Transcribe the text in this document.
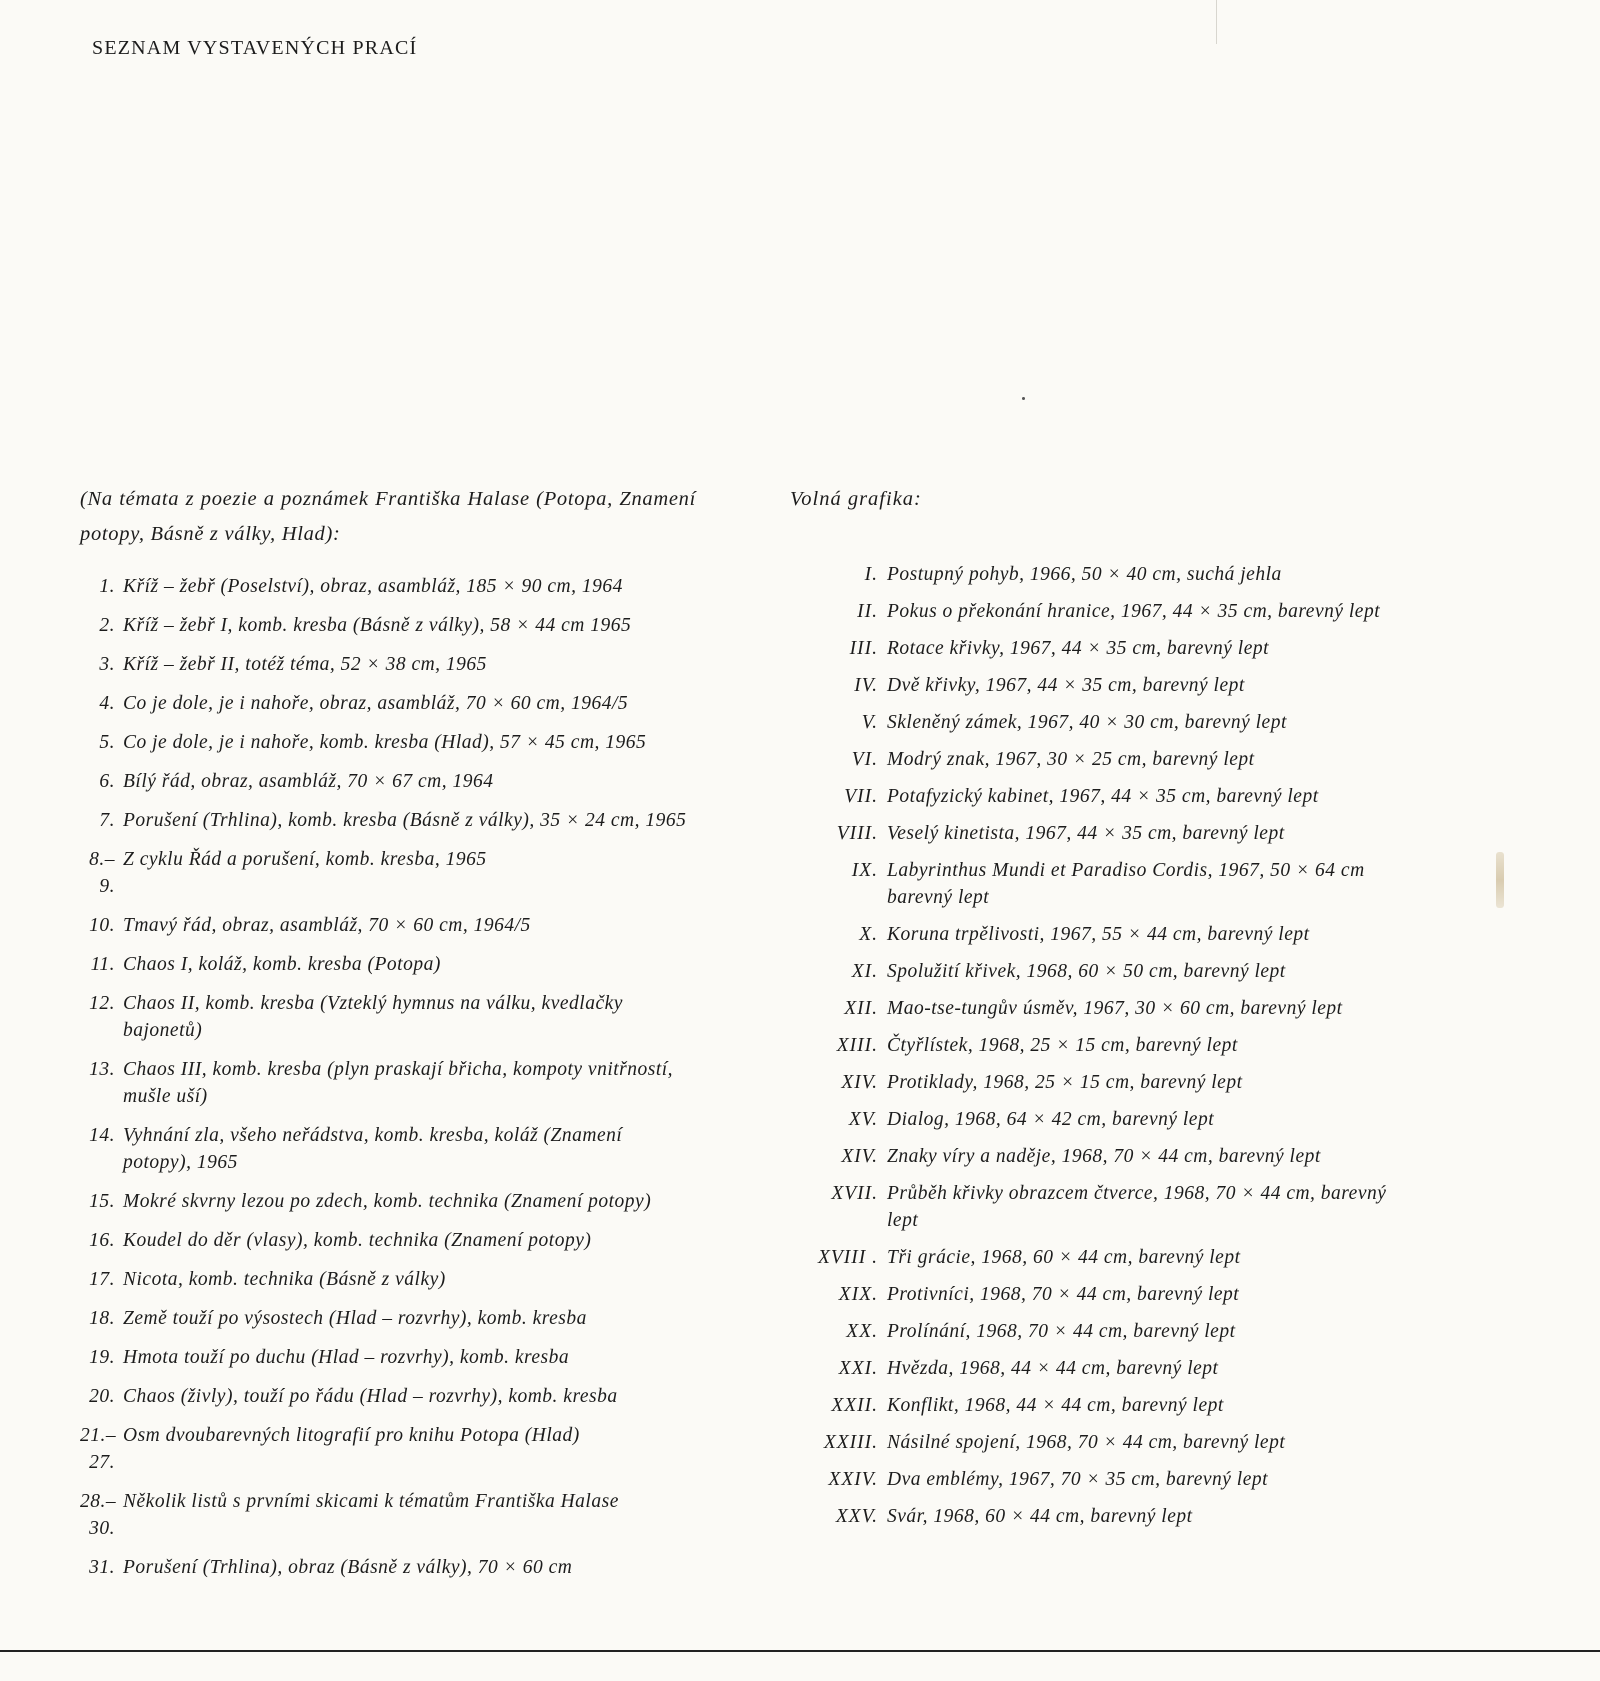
SEZNAM VYSTAVENÝCH PRACÍ

(Na témata z poezie a poznámek Františka Halase (Potopa, Znamení potopy, Básně z války, Hlad):

1. Kříž – žebř (Poselství), obraz, asambláž, 185 × 90 cm, 1964
2. Kříž – žebř I, komb. kresba (Básně z války), 58 × 44 cm 1965
3. Kříž – žebř II, totéž téma, 52 × 38 cm, 1965
4. Co je dole, je i nahoře, obraz, asambláž, 70 × 60 cm, 1964/5
5. Co je dole, je i nahoře, komb. kresba (Hlad), 57 × 45 cm, 1965
6. Bílý řád, obraz, asambláž, 70 × 67 cm, 1964
7. Porušení (Trhlina), komb. kresba (Básně z války), 35 × 24 cm, 1965
8.–9.
Z cyklu Řád a porušení, komb. kresba, 1965
10. Tmavý řád, obraz, asambláž, 70 × 60 cm, 1964/5
11. Chaos I, koláž, komb. kresba (Potopa)
12. Chaos II, komb. kresba (Vzteklý hymnus na válku, kvedlačky bajonetů)
13. Chaos III, komb. kresba (plyn praskají břicha, kompoty vnitřností, mušle uší)
14. Vyhnání zla, všeho neřádstva, komb. kresba, koláž (Znamení potopy), 1965
15. Mokré skvrny lezou po zdech, komb. technika (Znamení potopy)
16. Koudel do děr (vlasy), komb. technika (Znamení potopy)
17. Nicota, komb. technika (Básně z války)
18. Země touží po výsostech (Hlad – rozvrhy), komb. kresba
19. Hmota touží po duchu (Hlad – rozvrhy), komb. kresba
20. Chaos (živly), touží po řádu (Hlad – rozvrhy), komb. kresba
21.–27.
Osm dvoubarevných litografií pro knihu Potopa (Hlad)
28.–30.
Několik listů s prvními skicami k tématům Františka Halase
31. Porušení (Trhlina), obraz (Básně z války), 70 × 60 cm

Volná grafika:

I. Postupný pohyb, 1966, 50 × 40 cm, suchá jehla
II. Pokus o překonání hranice, 1967, 44 × 35 cm, barevný lept
III. Rotace křivky, 1967, 44 × 35 cm, barevný lept
IV. Dvě křivky, 1967, 44 × 35 cm, barevný lept
V. Skleněný zámek, 1967, 40 × 30 cm, barevný lept
VI. Modrý znak, 1967, 30 × 25 cm, barevný lept
VII. Potafyzický kabinet, 1967, 44 × 35 cm, barevný lept
VIII. Veselý kinetista, 1967, 44 × 35 cm, barevný lept
IX. Labyrinthus Mundi et Paradiso Cordis, 1967, 50 × 64 cm barevný lept
X. Koruna trpělivosti, 1967, 55 × 44 cm, barevný lept
XI. Spolužití křivek, 1968, 60 × 50 cm, barevný lept
XII. Mao-tse-tungův úsměv, 1967, 30 × 60 cm, barevný lept
XIII. Čtyřlístek, 1968, 25 × 15 cm, barevný lept
XIV. Protiklady, 1968, 25 × 15 cm, barevný lept
XV. Dialog, 1968, 64 × 42 cm, barevný lept
XIV. Znaky víry a naděje, 1968, 70 × 44 cm, barevný lept
XVII. Průběh křivky obrazcem čtverce, 1968, 70 × 44 cm, barevný lept
XVIII . Tři grácie, 1968, 60 × 44 cm, barevný lept
XIX. Protivníci, 1968, 70 × 44 cm, barevný lept
XX. Prolínání, 1968, 70 × 44 cm, barevný lept
XXI. Hvězda, 1968, 44 × 44 cm, barevný lept
XXII. Konflikt, 1968, 44 × 44 cm, barevný lept
XXIII. Násilné spojení, 1968, 70 × 44 cm, barevný lept
XXIV. Dva emblémy, 1967, 70 × 35 cm, barevný lept
XXV. Svár, 1968, 60 × 44 cm, barevný lept
